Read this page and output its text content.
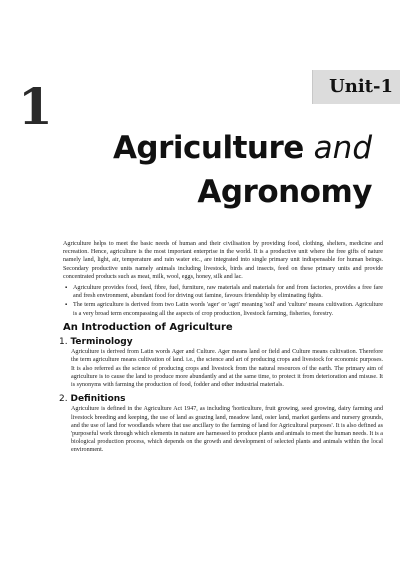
Unit-1
1
Agriculture and
Agronomy

Agriculture helps to meet the basic needs of human and their civilisation by providing food, clothing, shelters, medicine and recreation. Hence, agriculture is the most important enterprise in the world. It is a productive unit where the free gifts of nature namely land, light, air, temperature and rain water etc., are integrated into single primary unit indispensable for human beings. Secondary productive units namely animals including livestock, birds and insects, feed on these primary units and provide concentrated products such as meat, milk, wool, eggs, honey, silk and lac.

▪ Agriculture provides food, feed, fibre, fuel, furniture, raw materials and materials for and from factories, provides a free fare and fresh environment, abundant food for driving out famine, favours friendship by eliminating fights.
▪ The term agriculture is derived from two Latin words 'ager' or 'agri' meaning 'soil' and 'culture' means cultivation. Agriculture is a very broad term encompassing all the aspects of crop production, livestock farming, fisheries, forestry.
An Introduction of Agriculture
1. Terminology

Agriculture is derived from Latin words Ager and Culture. Ager means land or field and Culture means cultivation. Therefore the term agriculture means cultivation of land. i.e., the science and art of producing crops and livestock for economic purposes. It is also referred as the science of producing crops and livestock from the natural resources of the earth. The primary aim of agriculture is to cause the land to produce more abundantly and at the same time, to protect it from deterioration and misuse. It is synonyms with farming the production of food, fodder and other industrial materials.

2. Definitions

Agriculture is defined in the Agriculture Act 1947, as including 'horticulture, fruit growing, seed growing, dairy farming and livestock breeding and keeping, the use of land as grazing land, meadow land, osier land, market gardens and nursery grounds, and the use of land for woodlands where that use ancillary to the farming of land for Agricultural purposes'. It is also defined as 'purposeful work through which elements in nature are harnessed to produce plants and animals to meet the human needs. It is a biological production process, which depends on the growth and development of selected plants and animals within the local environment.
